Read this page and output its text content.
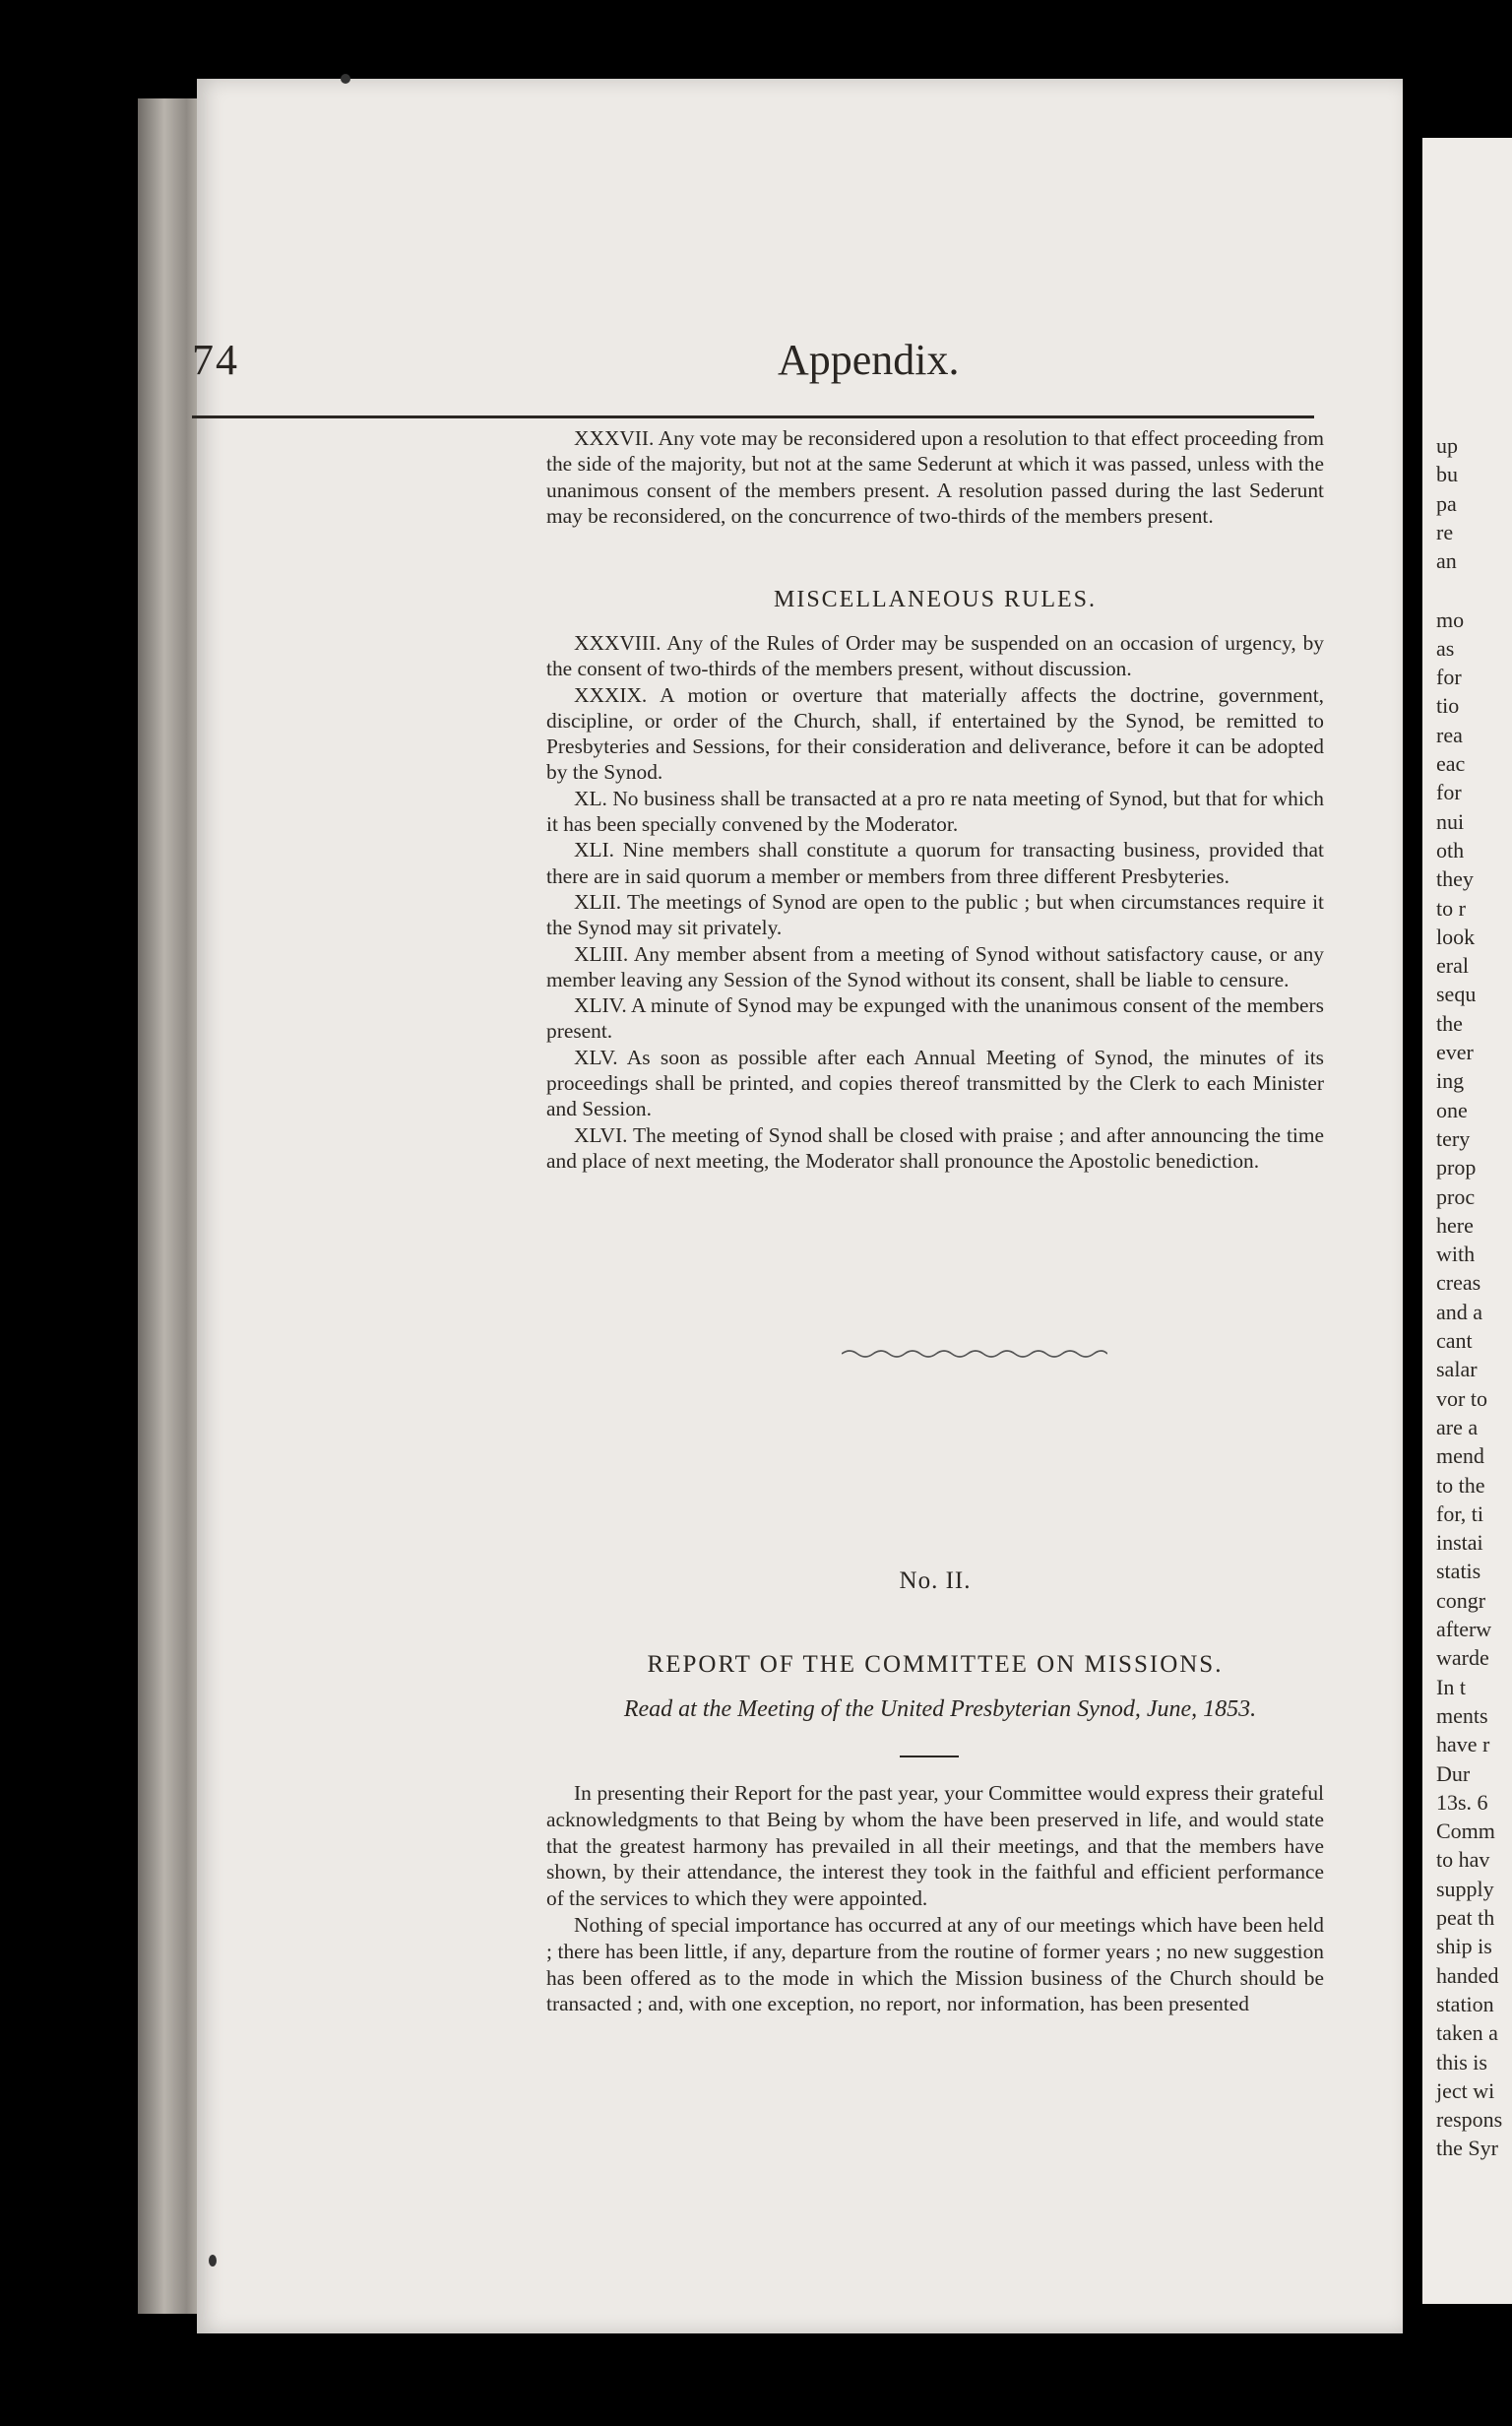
up
bu
pa
re
an
mo
as
for
tio
rea
eac
for
nui
oth
they
to r
look
eral
sequ
the
ever
ing
one
tery
prop
proc
here
with
creas
and a
cant
salar
vor to
are a
mend
to the
for, ti
instai
statis
congr
afterw
warde
In t
ments
have r
Dur
13s. 6
Comm
to hav
supply
peat th
ship is
handed
station
taken a
this is
ject wi
respons
the Syr
74	Appendix.

XXXVII. Any vote may be reconsidered upon a resolution to that effect proceeding from the side of the majority, but not at the same Sederunt at which it was passed, unless with the unanimous consent of the members present. A resolution passed during the last Sederunt may be reconsidered, on the concurrence of two-thirds of the members present.

MISCELLANEOUS RULES.

XXXVIII. Any of the Rules of Order may be suspended on an occasion of urgency, by the consent of two-thirds of the members present, without discussion.

XXXIX. A motion or overture that materially affects the doctrine, government, discipline, or order of the Church, shall, if entertained by the Synod, be remitted to Presbyteries and Sessions, for their consideration and deliverance, before it can be adopted by the Synod.

XL. No business shall be transacted at a pro re nata meeting of Synod, but that for which it has been specially convened by the Moderator.

XLI. Nine members shall constitute a quorum for transacting business, provided that there are in said quorum a member or members from three different Presbyteries.

XLII. The meetings of Synod are open to the public ; but when circumstances require it the Synod may sit privately.

XLIII. Any member absent from a meeting of Synod without satisfactory cause, or any member leaving any Session of the Synod without its consent, shall be liable to censure.

XLIV. A minute of Synod may be expunged with the unanimous consent of the members present.

XLV. As soon as possible after each Annual Meeting of Synod, the minutes of its proceedings shall be printed, and copies thereof transmitted by the Clerk to each Minister and Session.

XLVI. The meeting of Synod shall be closed with praise ; and after announcing the time and place of next meeting, the Moderator shall pronounce the Apostolic benediction.

No. II.
REPORT OF THE COMMITTEE ON MISSIONS.
Read at the Meeting of the United Presbyterian Synod, June, 1853.

In presenting their Report for the past year, your Committee would express their grateful acknowledgments to that Being by whom the have been preserved in life, and would state that the greatest harmony has prevailed in all their meetings, and that the members have shown, by their attendance, the interest they took in the faithful and efficient performance of the services to which they were appointed.

Nothing of special importance has occurred at any of our meetings which have been held ; there has been little, if any, departure from the routine of former years ; no new suggestion has been offered as to the mode in which the Mission business of the Church should be transacted ; and, with one exception, no report, nor information, has been presented
